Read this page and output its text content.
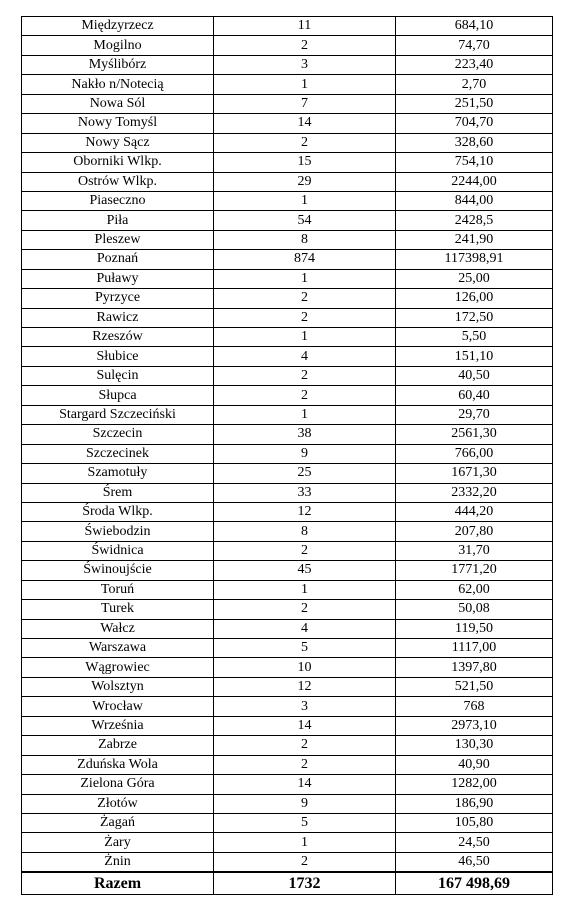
Międzyrzecz	11	684,10
Mogilno	2	74,70
Myślibórz	3	223,40
Nakło n/Notecią	1	2,70
Nowa Sól	7	251,50
Nowy Tomyśl	14	704,70
Nowy Sącz	2	328,60
Oborniki Wlkp.	15	754,10
Ostrów Wlkp.	29	2244,00
Piaseczno	1	844,00
Piła	54	2428,5
Pleszew	8	241,90
Poznań	874	117398,91
Puławy	1	25,00
Pyrzyce	2	126,00
Rawicz	2	172,50
Rzeszów	1	5,50
Słubice	4	151,10
Sulęcin	2	40,50
Słupca	2	60,40
Stargard Szczeciński	1	29,70
Szczecin	38	2561,30
Szczecinek	9	766,00
Szamotuły	25	1671,30
Śrem	33	2332,20
Środa Wlkp.	12	444,20
Świebodzin	8	207,80
Świdnica	2	31,70
Świnoujście	45	1771,20
Toruń	1	62,00
Turek	2	50,08
Wałcz	4	119,50
Warszawa	5	1117,00
Wągrowiec	10	1397,80
Wolsztyn	12	521,50
Wrocław	3	768
Września	14	2973,10
Zabrze	2	130,30
Zduńska Wola	2	40,90
Zielona Góra	14	1282,00
Złotów	9	186,90
Żagań	5	105,80
Żary	1	24,50
Żnin	2	46,50
Razem	1732	167 498,69
